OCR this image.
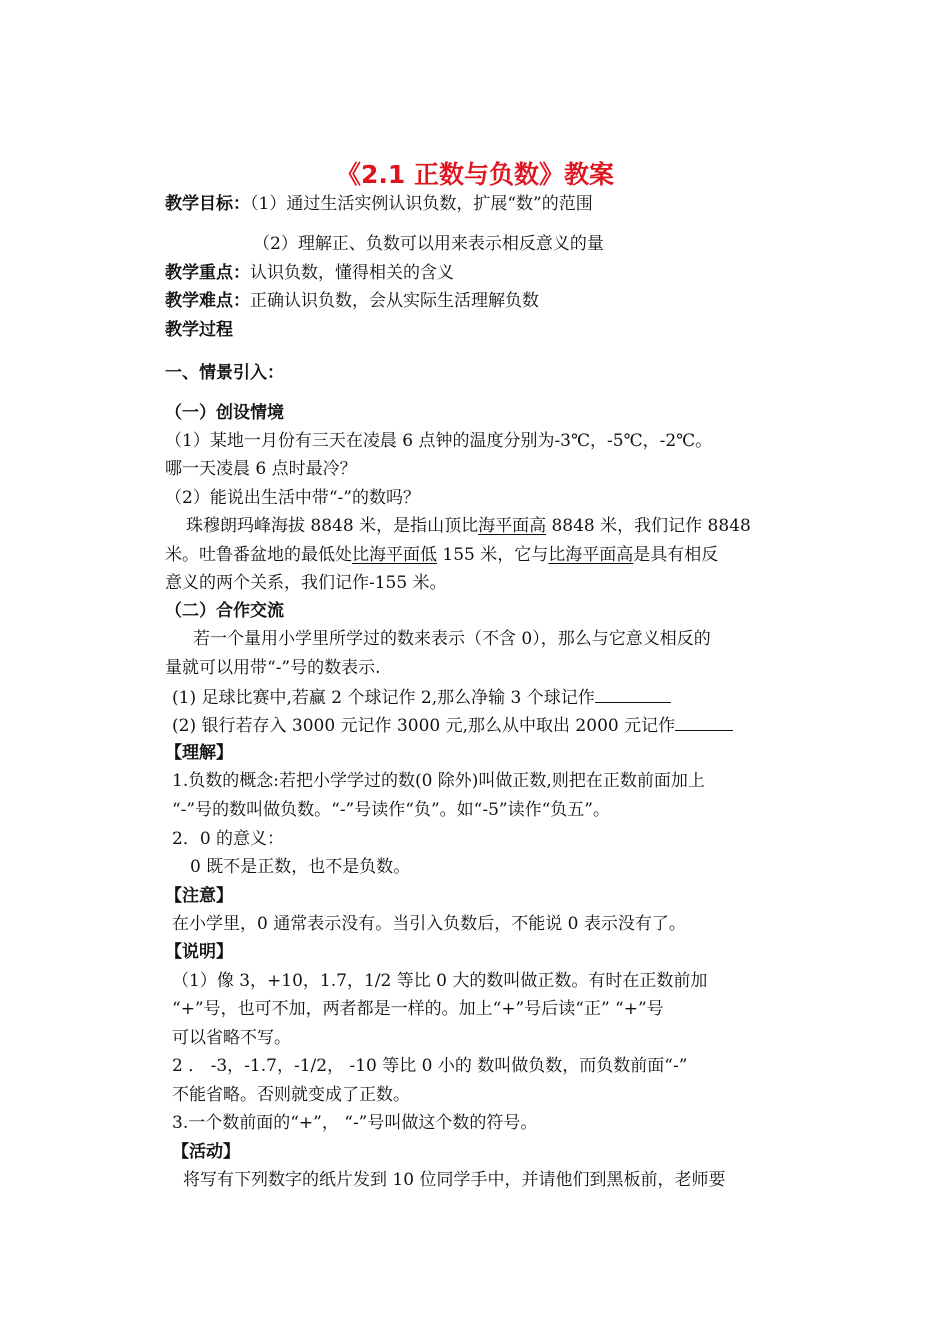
《2.1 正数与负数》教案
教学目标：（1）通过生活实例认识负数，扩展“数”的范围
（2）理解正、负数可以用来表示相反意义的量
教学重点：认识负数，懂得相关的含义
教学难点：正确认识负数，会从实际生活理解负数
教学过程
一、情景引入：
（一）创设情境
（1）某地一月份有三天在凌晨 6 点钟的温度分别为-3℃，-5℃，-2℃。
哪一天凌晨 6 点时最冷？
（2）能说出生活中带“-”的数吗？
珠穆朗玛峰海拔 8848 米，是指山顶比海平面高 8848 米，我们记作 8848
米。吐鲁番盆地的最低处比海平面低 155 米，它与比海平面高是具有相反
意义的两个关系，我们记作-155 米。
（二）合作交流
若一个量用小学里所学过的数来表示（不含 0），那么与它意义相反的
量就可以用带“-”号的数表示.
(1) 足球比赛中,若赢 2 个球记作 2,那么净输 3 个球记作
(2) 银行若存入 3000 元记作 3000 元,那么从中取出 2000 元记作
【理解】
1.负数的概念:若把小学学过的数(0 除外)叫做正数,则把在正数前面加上
“-”号的数叫做负数。“-”号读作“负”。如“-5”读作“负五”。
2．0 的意义：
0 既不是正数，也不是负数。
【注意】
在小学里，0 通常表示没有。当引入负数后，不能说 0 表示没有了。
【说明】
（1）像 3，+10，1.7，1/2 等比 0 大的数叫做正数。有时在正数前加
“+”号，也可不加，两者都是一样的。加上“+”号后读“正” “+”号
可以省略不写。
2 ． -3，-1.7，-1/2， -10 等比 0 小的 数叫做负数，而负数前面“-”
不能省略。否则就变成了正数。
3.一个数前面的“+”， “-”号叫做这个数的符号。
【活动】
将写有下列数字的纸片发到 10 位同学手中，并请他们到黑板前，老师要
